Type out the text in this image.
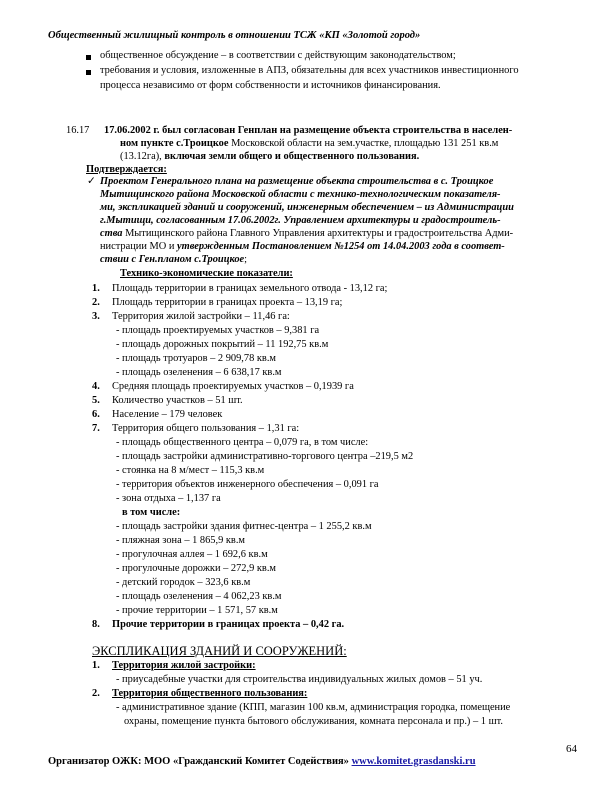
Общественный жилищный контроль в отношении ТСЖ «КП «Золотой город»
общественное обсуждение – в соответствии с действующим законодательством;
требования и условия, изложенные в АПЗ, обязательны для всех участников инвестиционного
процесса независимо от форм собственности и источников финансирования.
16.17 17.06.2002 г. был согласован Генплан на размещение объекта строительства в населен-
ном пункте с.Троицкое Московской области на зем.участке, площадью 131 251 кв.м
(13.12га), включая земли общего и общественного пользования.
Подтверждается:
✓ Проектом Генерального плана на размещение объекта строительства в с. Троицкое
Мытищинского района Московской области с технико-технологическим показателя-
ми, экспликацией зданий и сооружений, инженерным обеспечением – из Администрации
г.Мытищи, согласованным 17.06.2002г. Управлением архитектуры и градостроитель-
ства Мытищинского района Главного Управления архитектуры и градостроительства Адми-
нистрации МО и утвержденным Постановлением №1254 от 14.04.2003 года в соответ-
ствии с Ген.планом с.Троицкое;
Технико-экономические показатели:
1. Площадь территории в границах земельного отвода - 13,12 га;
2. Площадь территории в границах проекта – 13,19 га;
3. Территория жилой застройки – 11,46 га:
- площадь проектируемых участков – 9,381 га
- площадь дорожных покрытий – 11 192,75 кв.м
- площадь тротуаров – 2 909,78 кв.м
- площадь озеленения – 6 638,17 кв.м
4. Средняя площадь проектируемых участков – 0,1939 га
5. Количество участков – 51 шт.
6. Население – 179 человек
7. Территория общего пользования – 1,31 га:
- площадь общественного центра – 0,079 га, в том числе:
- площадь застройки административно-торгового центра –219,5 м2
- стоянка на 8 м/мест – 115,3 кв.м
- территория объектов инженерного обеспечения – 0,091 га
- зона отдыха – 1,137 га
в том числе:
- площадь застройки здания фитнес-центра – 1 255,2 кв.м
- пляжная зона – 1 865,9 кв.м
- прогулочная аллея – 1 692,6 кв.м
- прогулочные дорожки – 272,9 кв.м
- детский городок – 323,6 кв.м
- площадь озеленения – 4 062,23 кв.м
- прочие территории – 1 571, 57 кв.м
8. Прочие территории в границах проекта – 0,42 га.
ЭКСПЛИКАЦИЯ ЗДАНИЙ И СООРУЖЕНИЙ:
1. Территория жилой застройки:
- приусадебные участки для строительства индивидуальных жилых домов – 51 уч.
2. Территория общественного пользования:
- административное здание (КПП, магазин 100 кв.м, администрация городка, помещение
охраны, помещение пункта бытового обслуживания, комната персонала и пр.) – 1 шт.
64
Организатор ОЖК: МОО «Гражданский Комитет Содействия» www.komitet.grasdanski.ru
